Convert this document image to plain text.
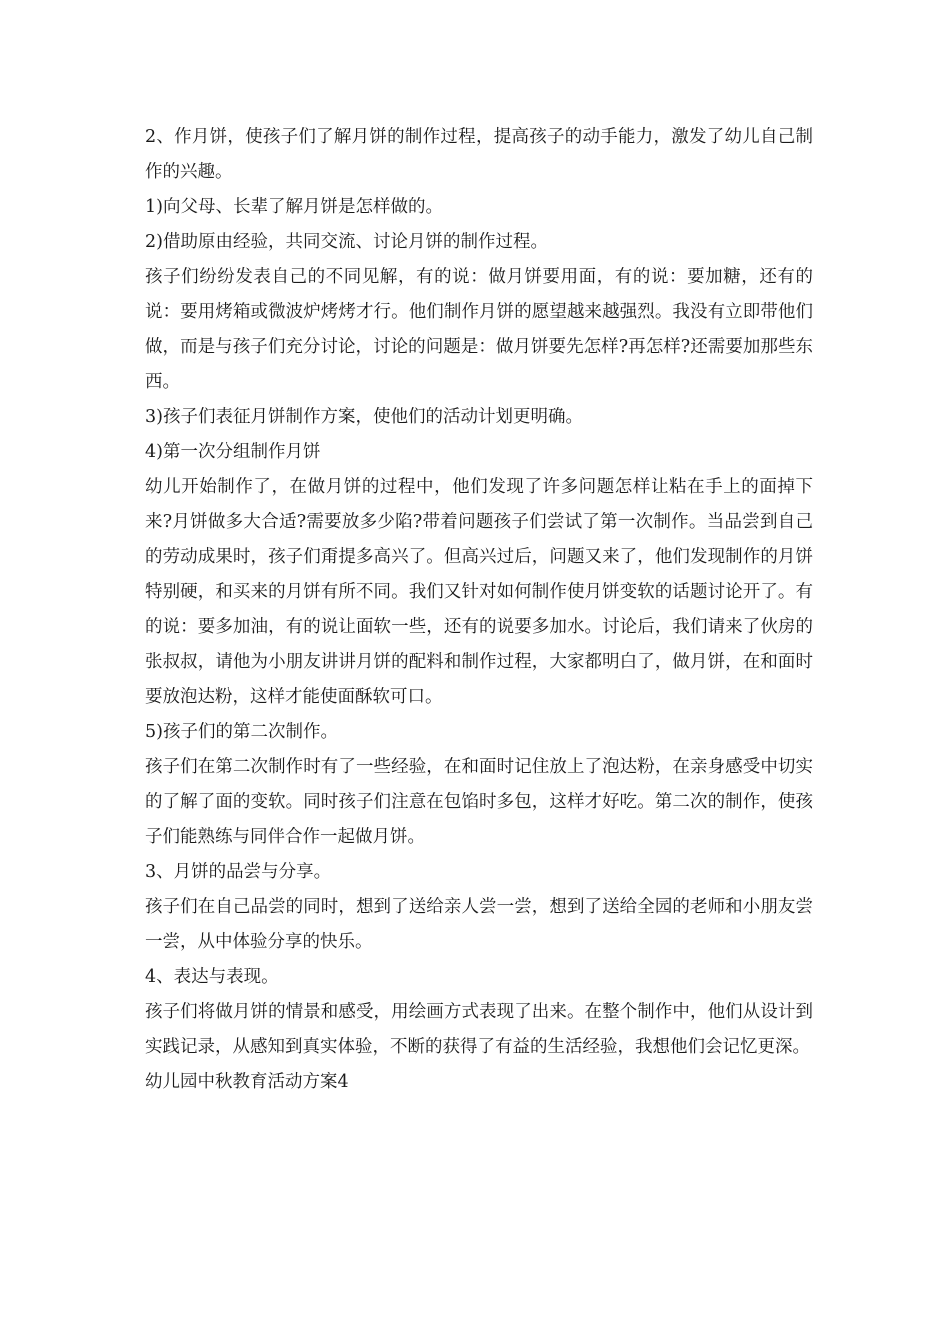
2、作月饼，使孩子们了解月饼的制作过程，提高孩子的动手能力，激发了幼儿自己制作的兴趣。

1)向父母、长辈了解月饼是怎样做的。

2)借助原由经验，共同交流、讨论月饼的制作过程。

孩子们纷纷发表自己的不同见解，有的说：做月饼要用面，有的说：要加糖，还有的说：要用烤箱或微波炉烤烤才行。他们制作月饼的愿望越来越强烈。我没有立即带他们做，而是与孩子们充分讨论，讨论的问题是：做月饼要先怎样?再怎样?还需要加那些东西。

3)孩子们表征月饼制作方案，使他们的活动计划更明确。

4)第一次分组制作月饼

幼儿开始制作了，在做月饼的过程中，他们发现了许多问题怎样让粘在手上的面掉下来?月饼做多大合适?需要放多少陷?带着问题孩子们尝试了第一次制作。当品尝到自己的劳动成果时，孩子们甭提多高兴了。但高兴过后，问题又来了，他们发现制作的月饼特别硬，和买来的月饼有所不同。我们又针对如何制作使月饼变软的话题讨论开了。有的说：要多加油，有的说让面软一些，还有的说要多加水。讨论后，我们请来了伙房的张叔叔，请他为小朋友讲讲月饼的配料和制作过程，大家都明白了，做月饼，在和面时要放泡达粉，这样才能使面酥软可口。

5)孩子们的第二次制作。

孩子们在第二次制作时有了一些经验，在和面时记住放上了泡达粉，在亲身感受中切实的了解了面的变软。同时孩子们注意在包馅时多包，这样才好吃。第二次的制作，使孩子们能熟练与同伴合作一起做月饼。

3、月饼的品尝与分享。

孩子们在自己品尝的同时，想到了送给亲人尝一尝，想到了送给全园的老师和小朋友尝一尝，从中体验分享的快乐。

4、表达与表现。

孩子们将做月饼的情景和感受，用绘画方式表现了出来。在整个制作中，他们从设计到实践记录，从感知到真实体验，不断的获得了有益的生活经验，我想他们会记忆更深。

幼儿园中秋教育活动方案4
